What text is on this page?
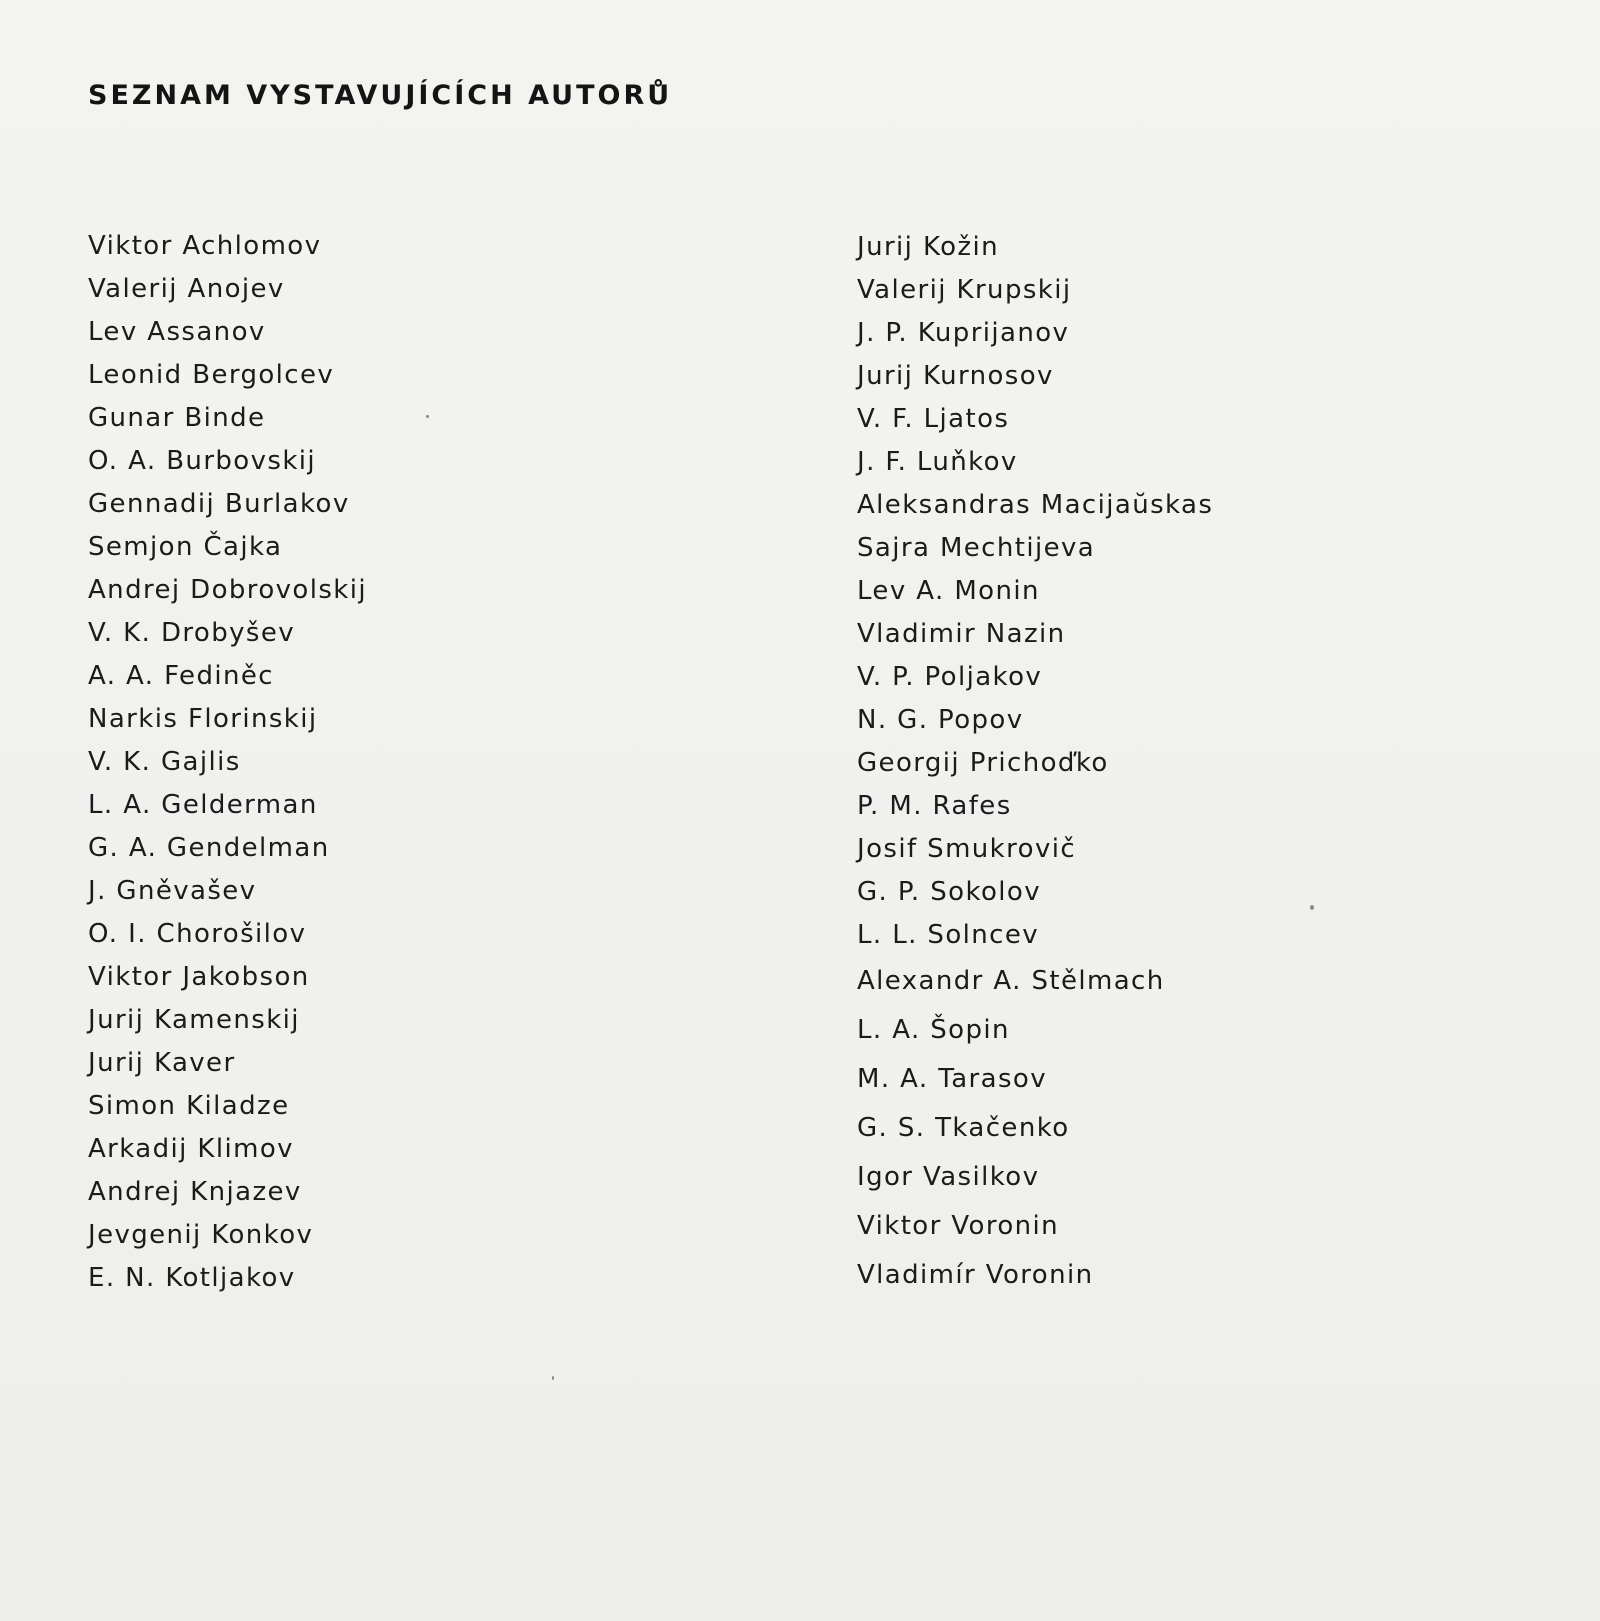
SEZNAM VYSTAVUJÍCÍCH AUTORŮ
Viktor Achlomov
Valerij Anojev
Lev Assanov
Leonid Bergolcev
Gunar Binde
O. A. Burbovskij
Gennadij Burlakov
Semjon Čajka
Andrej Dobrovolskij
V. K. Drobyšev
A. A. Fediněc
Narkis Florinskij
V. K. Gajlis
L. A. Gelderman
G. A. Gendelman
J. Gněvašev
O. I. Chorošilov
Viktor Jakobson
Jurij Kamenskij
Jurij Kaver
Simon Kiladze
Arkadij Klimov
Andrej Knjazev
Jevgenij Konkov
E. N. Kotljakov
Jurij Kožin
Valerij Krupskij
J. P. Kuprijanov
Jurij Kurnosov
V. F. Ljatos
J. F. Luňkov
Aleksandras Macijaŭskas
Sajra Mechtijeva
Lev A. Monin
Vladimir Nazin
V. P. Poljakov
N. G. Popov
Georgij Prichoďko
P. M. Rafes
Josif Smukrovič
G. P. Sokolov
L. L. Solncev
Alexandr A. Stělmach
L. A. Šopin
M. A. Tarasov
G. S. Tkačenko
Igor Vasilkov
Viktor Voronin
Vladimír Voronin
